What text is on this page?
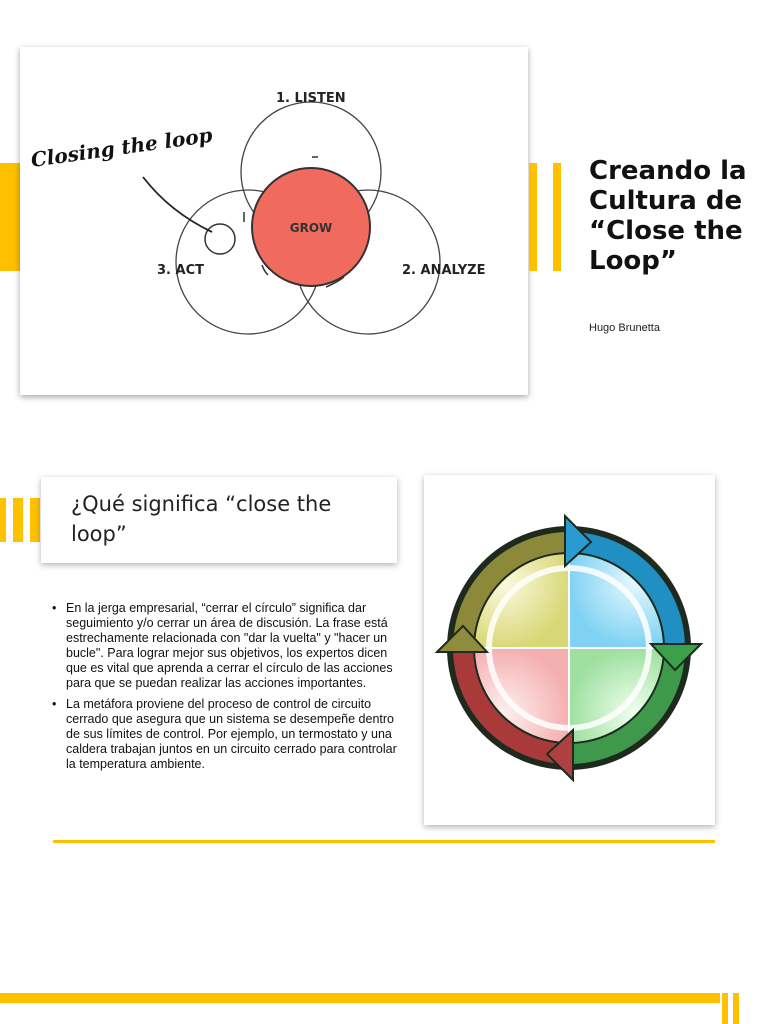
1. LISTEN
2. ANALYZE
3. ACT
GROW
Closing the loop	Creando la Cultura de “Close the Loop”
Hugo Brunetta
¿Qué significa “close the loop”
• En la jerga empresarial, “cerrar el círculo” significa dar seguimiento y/o cerrar un área de discusión. La frase está estrechamente relacionada con "dar la vuelta" y "hacer un bucle". Para lograr mejor sus objetivos, los expertos dicen que es vital que aprenda a cerrar el círculo de las acciones para que se puedan realizar las acciones importantes.
• La metáfora proviene del proceso de control de circuito cerrado que asegura que un sistema se desempeñe dentro de sus límites de control. Por ejemplo, un termostato y una caldera trabajan juntos en un circuito cerrado para controlar la temperatura ambiente.
